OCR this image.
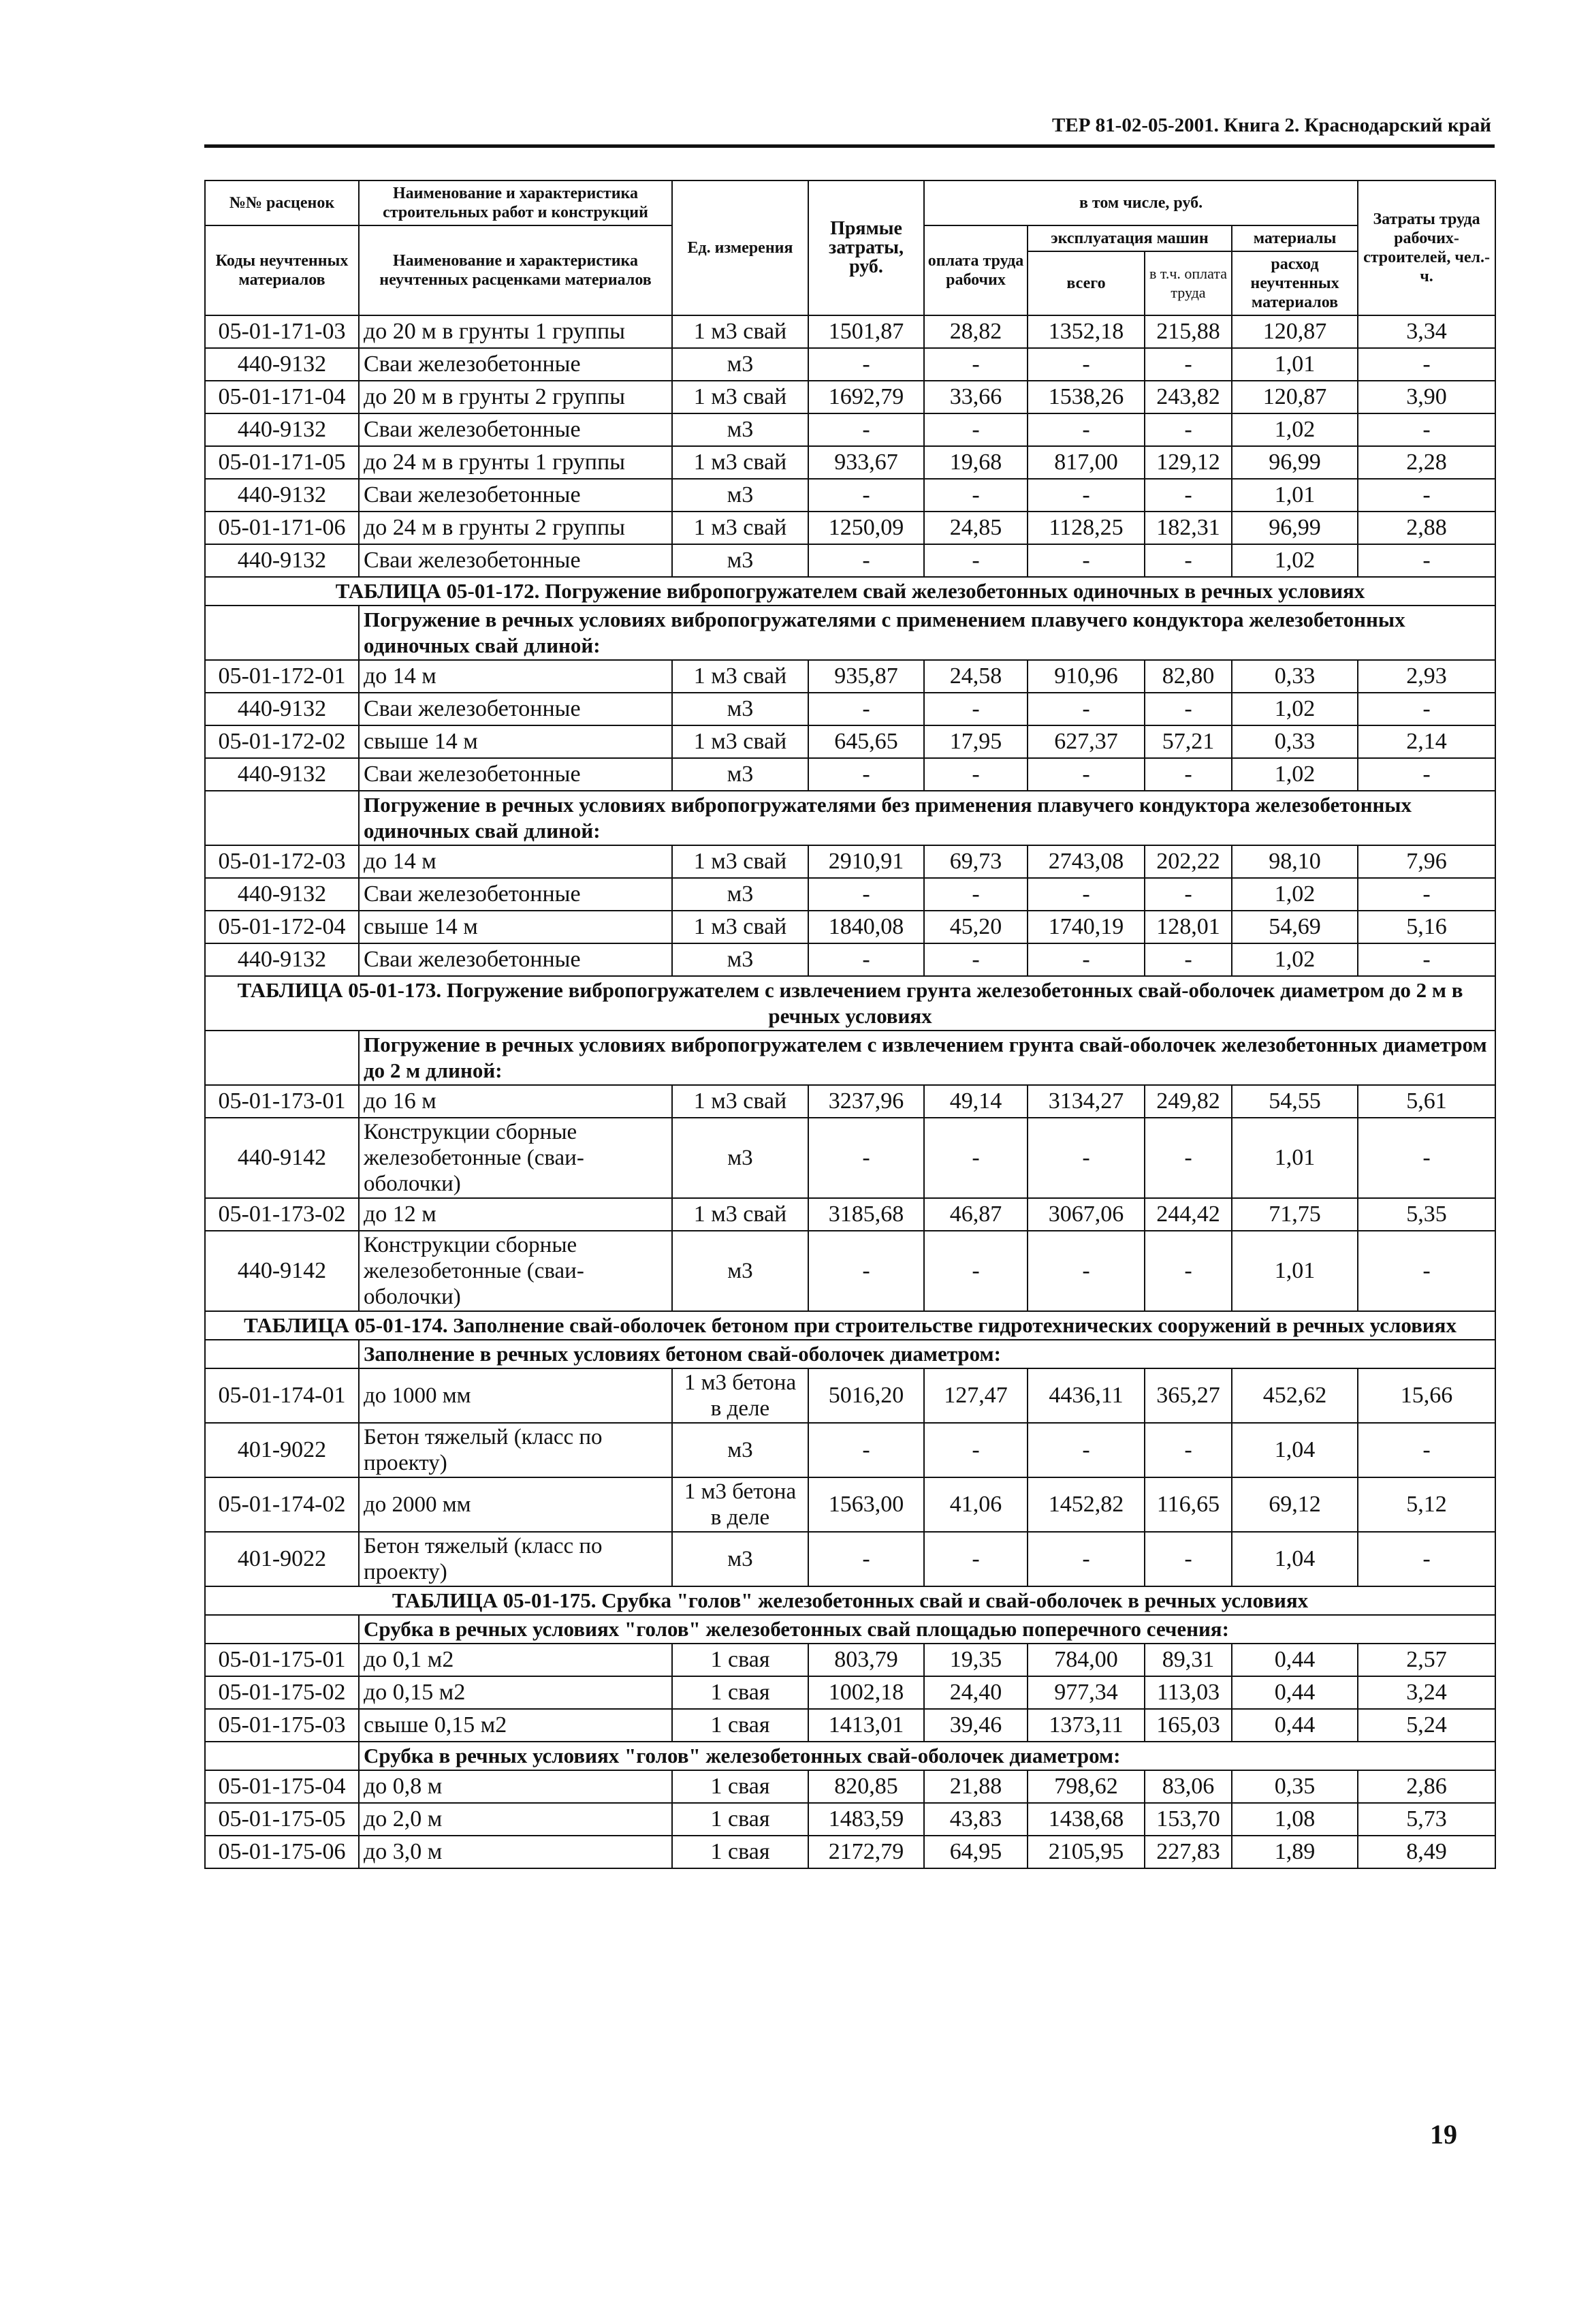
ТЕР 81-02-05-2001. Книга 2. Краснодарский край
№№ расценок	Наименование и характеристика строительных работ и конструкций	Ед. измерения	Прямые затраты, руб.	в том числе, руб.				Затраты труда рабочих-строителей, чел.-ч.
Коды неучтенных материалов	Наименование и характеристика неучтенных расценками материалов			оплата труда рабочих	эксплуатация машин		материалы	
					всего	в т.ч. оплата труда	расход неучтенных материалов	
05-01-171-03	до 20 м в грунты 1 группы	1 м3 свай	1501,87	28,82	1352,18	215,88	120,87	3,34
440-9132	Сваи железобетонные	м3	-	-	-	-	1,01	-
05-01-171-04	до 20 м в грунты 2 группы	1 м3 свай	1692,79	33,66	1538,26	243,82	120,87	3,90
440-9132	Сваи железобетонные	м3	-	-	-	-	1,02	-
05-01-171-05	до 24 м в грунты 1 группы	1 м3 свай	933,67	19,68	817,00	129,12	96,99	2,28
440-9132	Сваи железобетонные	м3	-	-	-	-	1,01	-
05-01-171-06	до 24 м в грунты 2 группы	1 м3 свай	1250,09	24,85	1128,25	182,31	96,99	2,88
440-9132	Сваи железобетонные	м3	-	-	-	-	1,02	-
ТАБЛИЦА 05-01-172. Погружение вибропогружателем свай железобетонных одиночных в речных условиях								
	Погружение в речных условиях вибропогружателями с применением плавучего кондуктора железобетонных одиночных свай длиной:							
05-01-172-01	до 14 м	1 м3 свай	935,87	24,58	910,96	82,80	0,33	2,93
440-9132	Сваи железобетонные	м3	-	-	-	-	1,02	-
05-01-172-02	свыше 14 м	1 м3 свай	645,65	17,95	627,37	57,21	0,33	2,14
440-9132	Сваи железобетонные	м3	-	-	-	-	1,02	-
	Погружение в речных условиях вибропогружателями без применения плавучего кондуктора железобетонных одиночных свай длиной:							
05-01-172-03	до 14 м	1 м3 свай	2910,91	69,73	2743,08	202,22	98,10	7,96
440-9132	Сваи железобетонные	м3	-	-	-	-	1,02	-
05-01-172-04	свыше 14 м	1 м3 свай	1840,08	45,20	1740,19	128,01	54,69	5,16
440-9132	Сваи железобетонные	м3	-	-	-	-	1,02	-
ТАБЛИЦА 05-01-173. Погружение вибропогружателем с извлечением грунта железобетонных свай-оболочек диаметром до 2 м в речных условиях								
	Погружение в речных условиях вибропогружателем с извлечением грунта свай-оболочек железобетонных диаметром до 2 м длиной:							
05-01-173-01	до 16 м	1 м3 свай	3237,96	49,14	3134,27	249,82	54,55	5,61
440-9142	Конструкции сборные железобетонные (сваи-оболочки)	м3	-	-	-	-	1,01	-
05-01-173-02	до 12 м	1 м3 свай	3185,68	46,87	3067,06	244,42	71,75	5,35
440-9142	Конструкции сборные железобетонные (сваи-оболочки)	м3	-	-	-	-	1,01	-
ТАБЛИЦА 05-01-174. Заполнение свай-оболочек бетоном при строительстве гидротехнических сооружений в речных условиях								
	Заполнение в речных условиях бетоном свай-оболочек диаметром:							
05-01-174-01	до 1000 мм	1 м3 бетона в деле	5016,20	127,47	4436,11	365,27	452,62	15,66
401-9022	Бетон тяжелый (класс по проекту)	м3	-	-	-	-	1,04	-
05-01-174-02	до 2000 мм	1 м3 бетона в деле	1563,00	41,06	1452,82	116,65	69,12	5,12
401-9022	Бетон тяжелый (класс по проекту)	м3	-	-	-	-	1,04	-
ТАБЛИЦА 05-01-175. Срубка "голов" железобетонных свай и свай-оболочек в речных условиях								
	Срубка в речных условиях "голов" железобетонных свай площадью поперечного сечения:							
05-01-175-01	до 0,1 м2	1 свая	803,79	19,35	784,00	89,31	0,44	2,57
05-01-175-02	до 0,15 м2	1 свая	1002,18	24,40	977,34	113,03	0,44	3,24
05-01-175-03	свыше 0,15 м2	1 свая	1413,01	39,46	1373,11	165,03	0,44	5,24
	Срубка в речных условиях "голов" железобетонных свай-оболочек диаметром:							
05-01-175-04	до 0,8 м	1 свая	820,85	21,88	798,62	83,06	0,35	2,86
05-01-175-05	до 2,0 м	1 свая	1483,59	43,83	1438,68	153,70	1,08	5,73
05-01-175-06	до 3,0 м	1 свая	2172,79	64,95	2105,95	227,83	1,89	8,49
19
